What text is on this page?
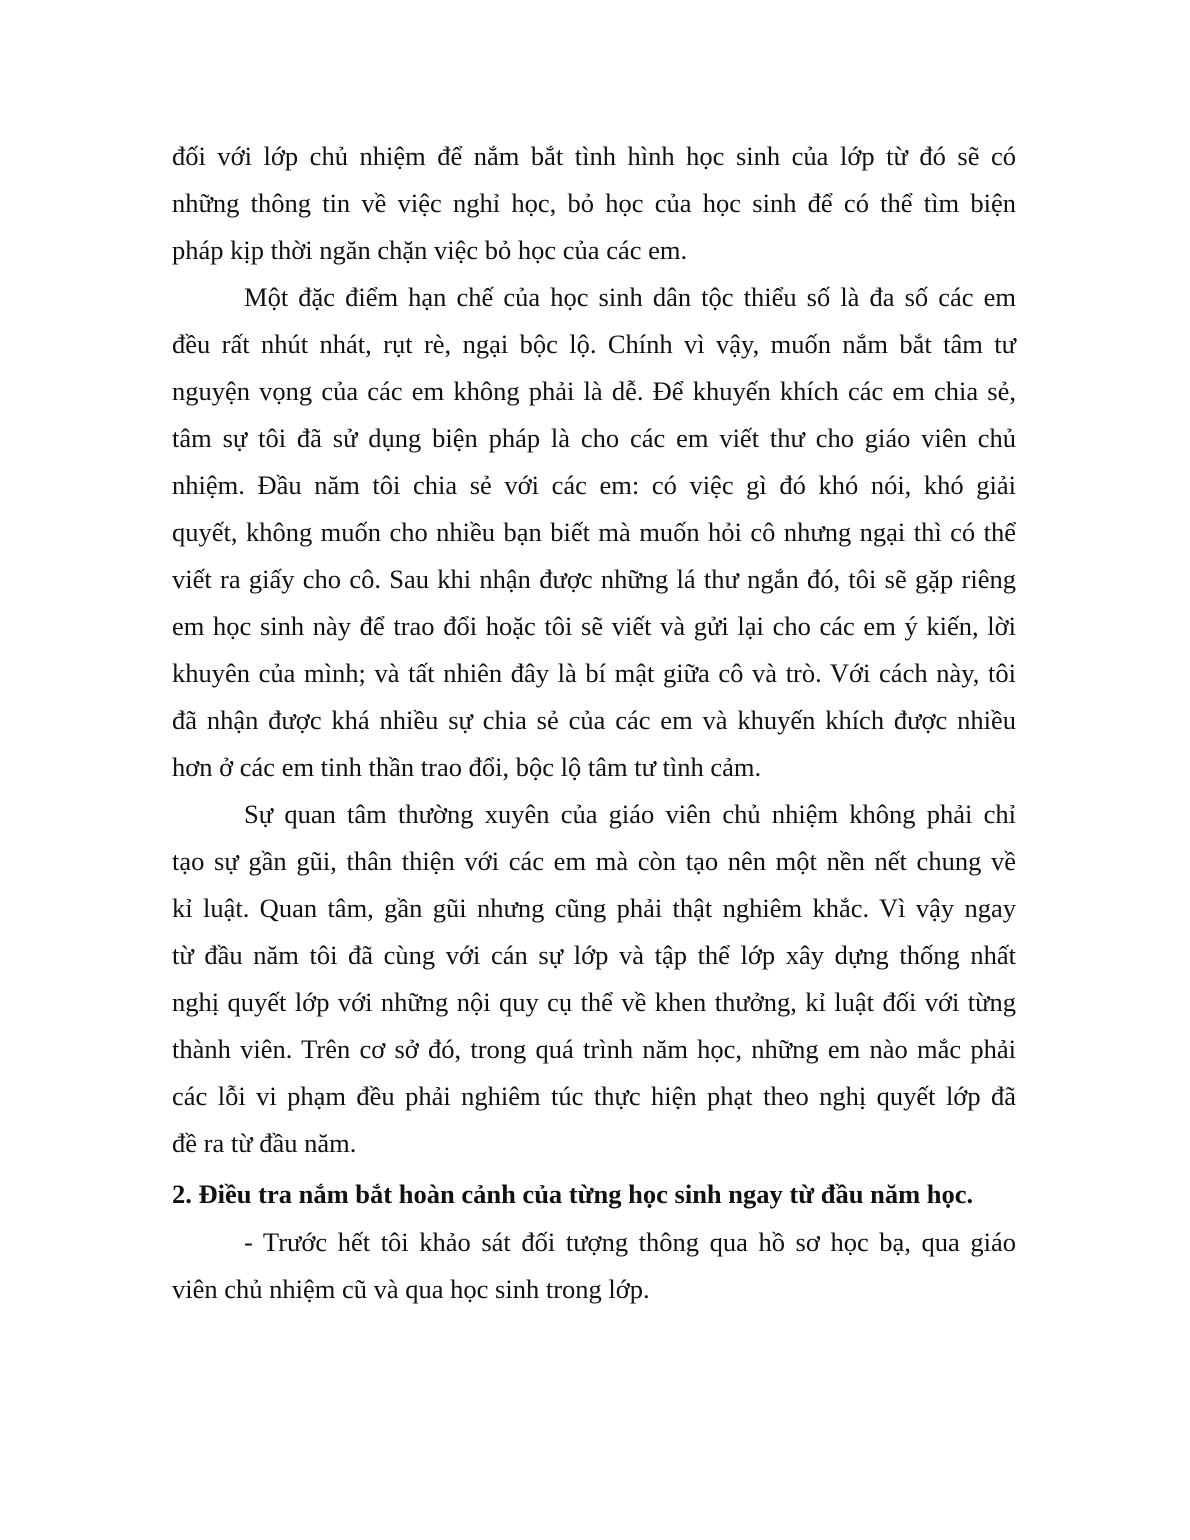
đối với lớp chủ nhiệm để nắm bắt tình hình học sinh của lớp từ đó sẽ có
những thông tin về việc nghỉ học, bỏ học của học sinh để có thể tìm biện
pháp kịp thời ngăn chặn việc bỏ học của các em.
Một đặc điểm hạn chế của học sinh dân tộc thiểu số là đa số các em
đều rất nhút nhát, rụt rè, ngại bộc lộ. Chính vì vậy, muốn nắm bắt tâm tư
nguyện vọng của các em không phải là dễ. Để khuyến khích các em chia sẻ,
tâm sự tôi đã sử dụng biện pháp là cho các em viết thư cho giáo viên chủ
nhiệm. Đầu năm tôi chia sẻ với các em: có việc gì đó khó nói, khó giải
quyết, không muốn cho nhiều bạn biết mà muốn hỏi cô nhưng ngại thì có thể
viết ra giấy cho cô. Sau khi nhận được những lá thư ngắn đó, tôi sẽ gặp riêng
em học sinh này để trao đổi hoặc tôi sẽ viết và gửi lại cho các em ý kiến, lời
khuyên của mình; và tất nhiên đây là bí mật giữa cô và trò. Với cách này, tôi
đã nhận được khá nhiều sự chia sẻ của các em và khuyến khích được nhiều
hơn ở các em tinh thần trao đổi, bộc lộ tâm tư tình cảm.
Sự quan tâm thường xuyên của giáo viên chủ nhiệm không phải chỉ
tạo sự gần gũi, thân thiện với các em mà còn tạo nên một nền nết chung về
kỉ luật. Quan tâm, gần gũi nhưng cũng phải thật nghiêm khắc. Vì vậy ngay
từ đầu năm tôi đã cùng với cán sự lớp và tập thể lớp xây dựng thống nhất
nghị quyết lớp với những nội quy cụ thể về khen thưởng, kỉ luật đối với từng
thành viên. Trên cơ sở đó, trong quá trình năm học, những em nào mắc phải
các lỗi vi phạm đều phải nghiêm túc thực hiện phạt theo nghị quyết lớp đã
đề ra từ đầu năm.
2. Điều tra nắm bắt hoàn cảnh của từng học sinh ngay từ đầu năm học.
- Trước hết tôi khảo sát đối tượng thông qua hồ sơ học bạ, qua giáo
viên chủ nhiệm cũ và qua học sinh trong lớp.
